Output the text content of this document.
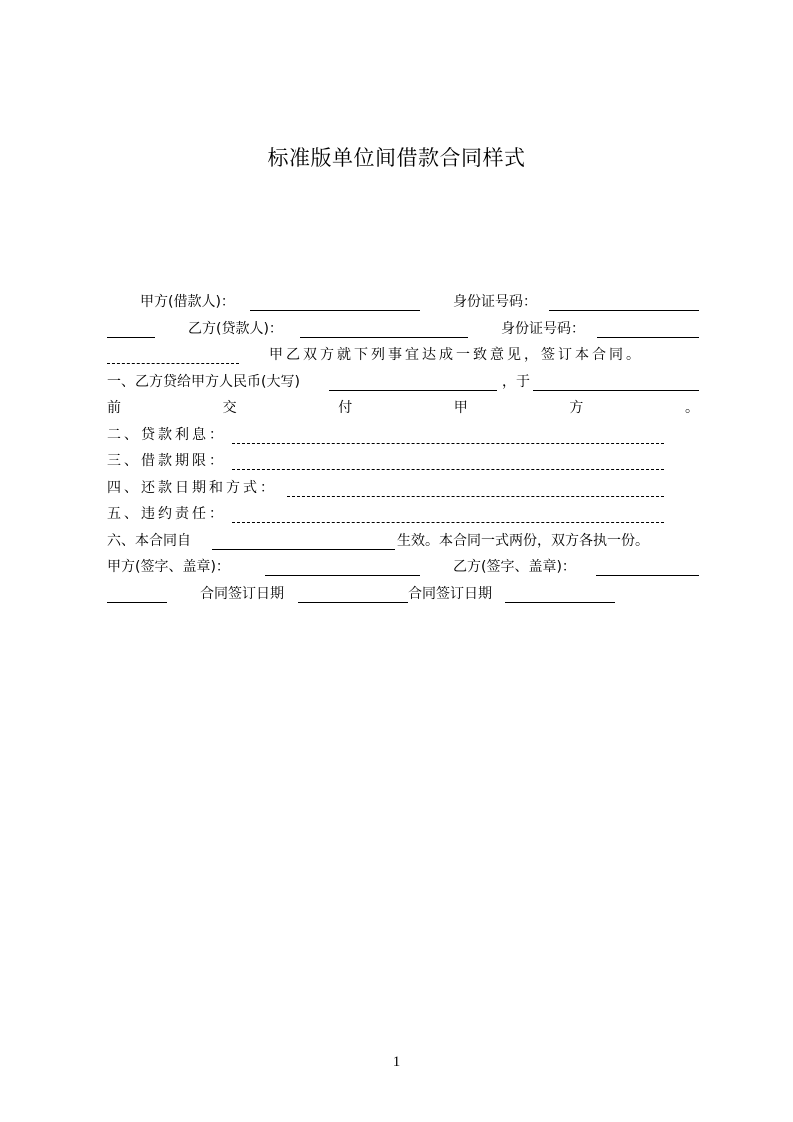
标准版单位间借款合同样式
甲方(借款人)：	身份证号码：
乙方(贷款人)：	身份证号码：
甲乙双方就下列事宜达成一致意见，签订本合同。
一、乙方贷给甲方人民币(大写)	，于
前	交	付	甲	方	。
二、贷款利息：
三、借款期限：
四、还款日期和方式：
五、违约责任：
六、本合同自	生效。本合同一式两份，双方各执一份。
甲方(签字、盖章)：	乙方(签字、盖章)：
合同签订日期	合同签订日期
1
